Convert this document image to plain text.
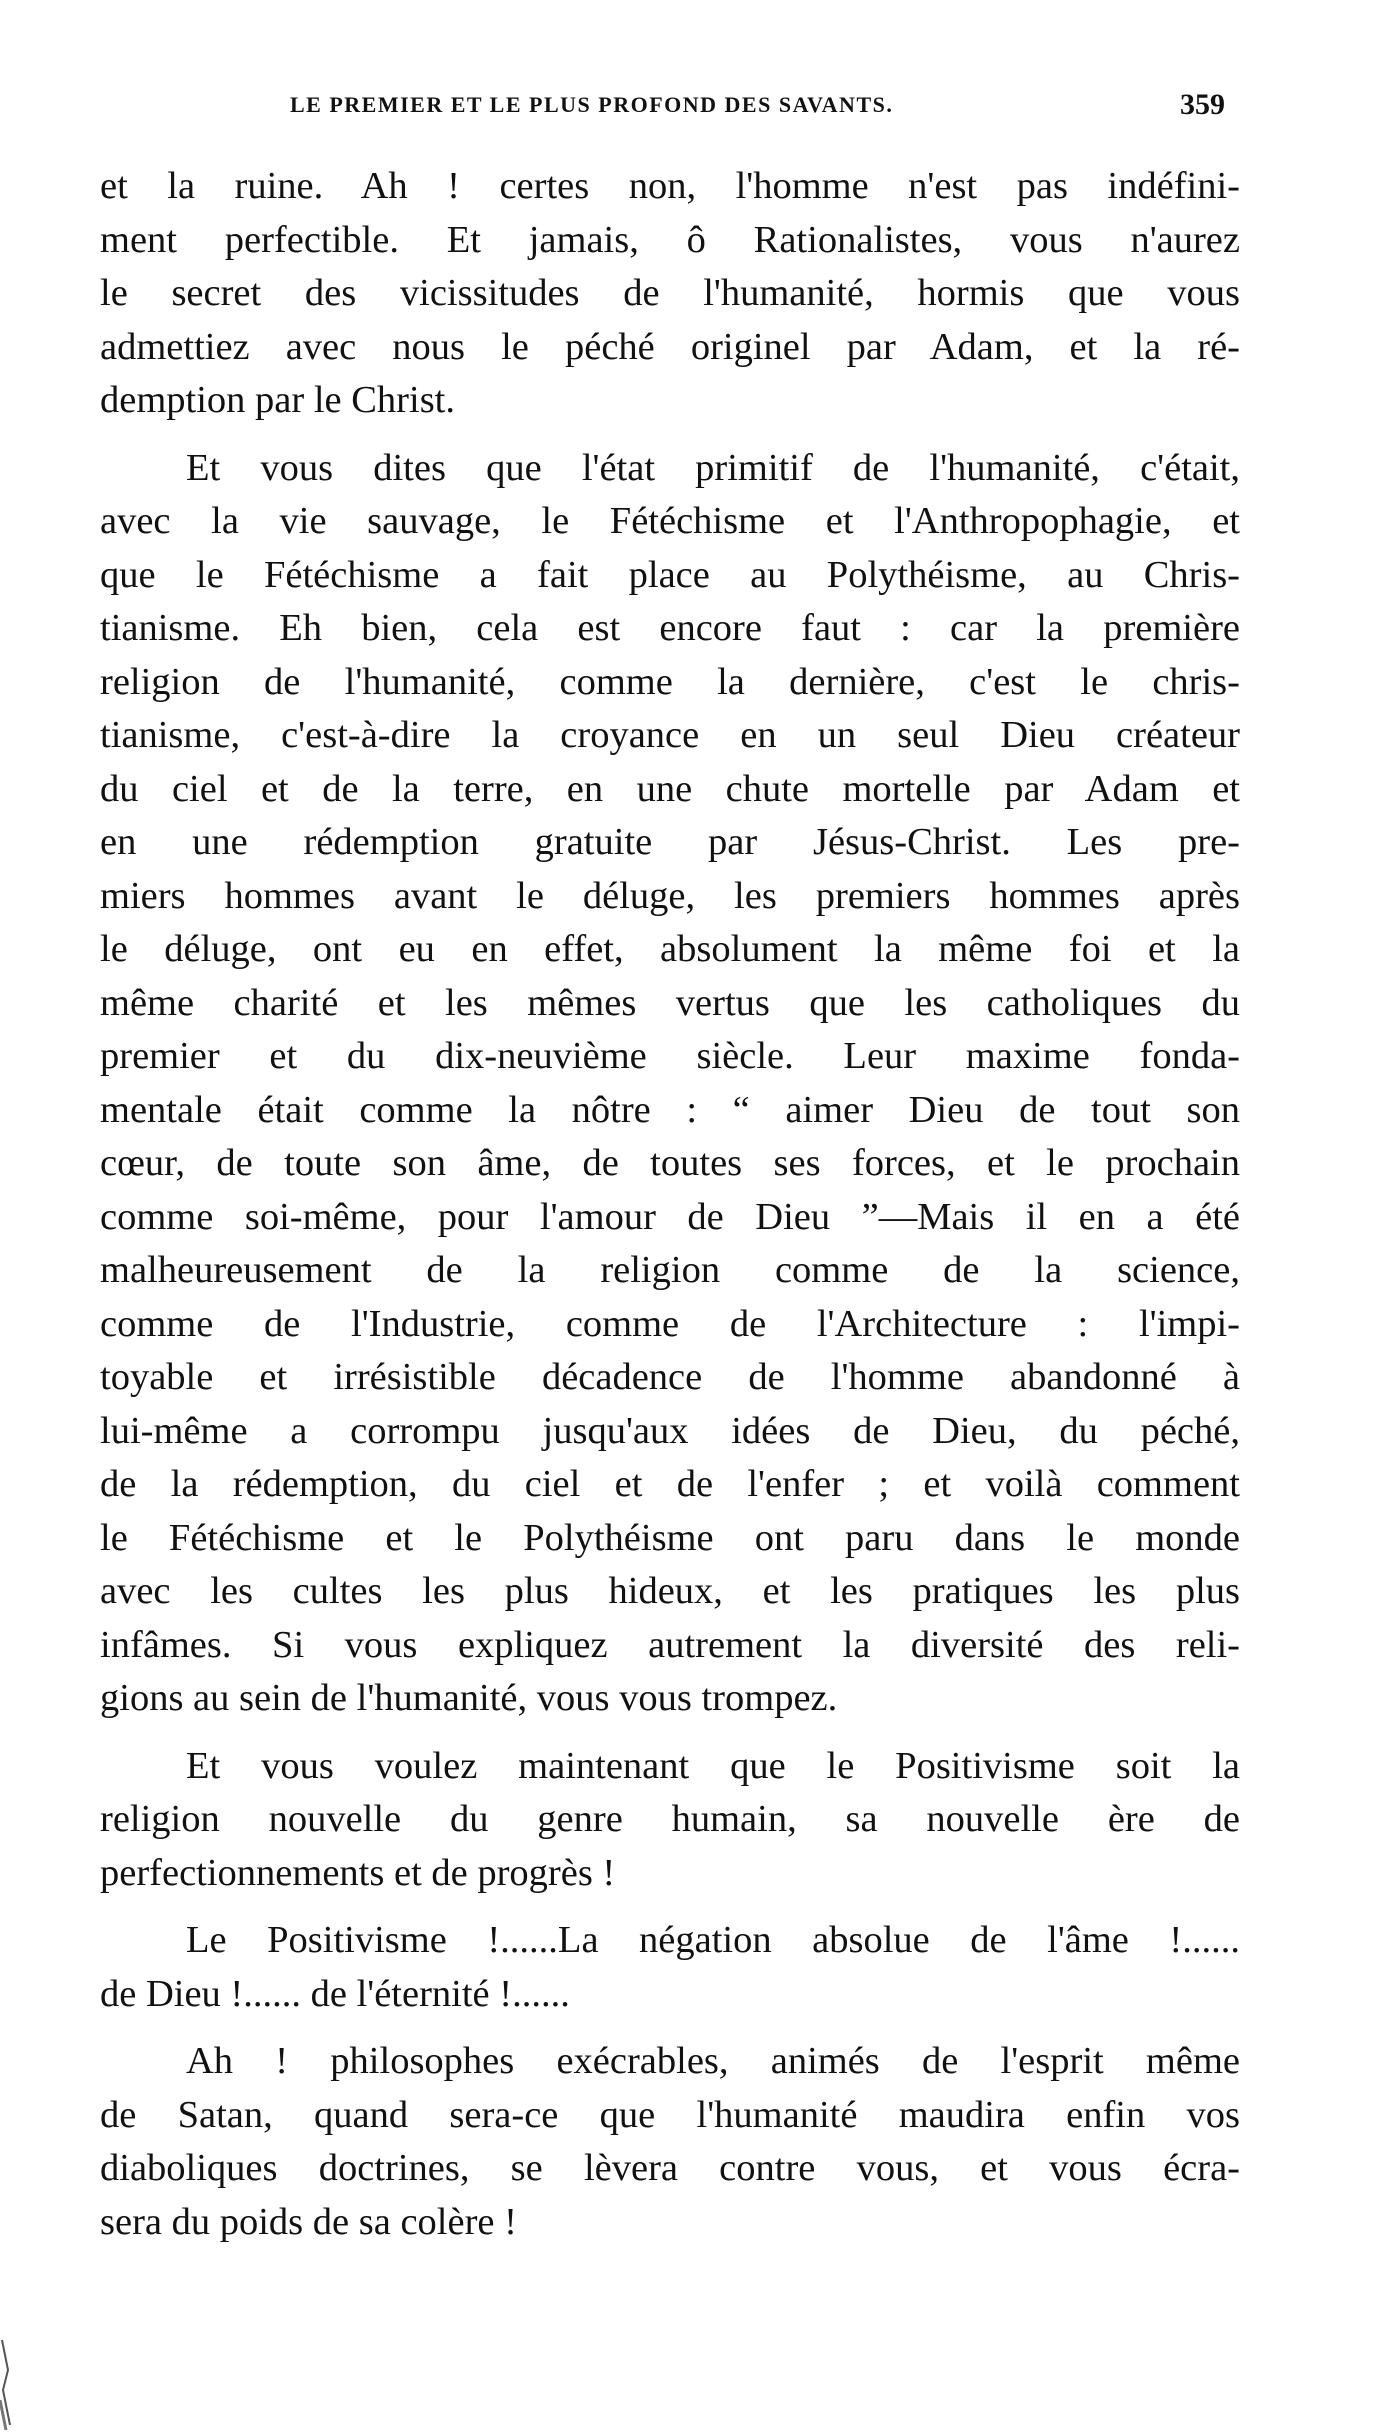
LE PREMIER ET LE PLUS PROFOND DES SAVANTS.	359

et la ruine. Ah ! certes non, l'homme n'est pas indéfini-
ment perfectible. Et jamais, ô Rationalistes, vous n'aurez
le secret des vicissitudes de l'humanité, hormis que vous
admettiez avec nous le péché originel par Adam, et la ré-
demption par le Christ.

Et vous dites que l'état primitif de l'humanité, c'était,
avec la vie sauvage, le Fétéchisme et l'Anthropophagie, et
que le Fétéchisme a fait place au Polythéisme, au Chris-
tianisme. Eh bien, cela est encore faut : car la première
religion de l'humanité, comme la dernière, c'est le chris-
tianisme, c'est-à-dire la croyance en un seul Dieu créateur
du ciel et de la terre, en une chute mortelle par Adam et
en une rédemption gratuite par Jésus-Christ. Les pre-
miers hommes avant le déluge, les premiers hommes après
le déluge, ont eu en effet, absolument la même foi et la
même charité et les mêmes vertus que les catholiques du
premier et du dix-neuvième siècle. Leur maxime fonda-
mentale était comme la nôtre : “ aimer Dieu de tout son
cœur, de toute son âme, de toutes ses forces, et le prochain
comme soi-même, pour l'amour de Dieu ”—Mais il en a été
malheureusement de la religion comme de la science,
comme de l'Industrie, comme de l'Architecture : l'impi-
toyable et irrésistible décadence de l'homme abandonné à
lui-même a corrompu jusqu'aux idées de Dieu, du péché,
de la rédemption, du ciel et de l'enfer ; et voilà comment
le Fétéchisme et le Polythéisme ont paru dans le monde
avec les cultes les plus hideux, et les pratiques les plus
infâmes. Si vous expliquez autrement la diversité des reli-
gions au sein de l'humanité, vous vous trompez.

Et vous voulez maintenant que le Positivisme soit la
religion nouvelle du genre humain, sa nouvelle ère de
perfectionnements et de progrès !

Le Positivisme !......La négation absolue de l'âme !......
de Dieu !...... de l'éternité !......

Ah ! philosophes exécrables, animés de l'esprit même
de Satan, quand sera-ce que l'humanité maudira enfin vos
diaboliques doctrines, se lèvera contre vous, et vous écra-
sera du poids de sa colère !
